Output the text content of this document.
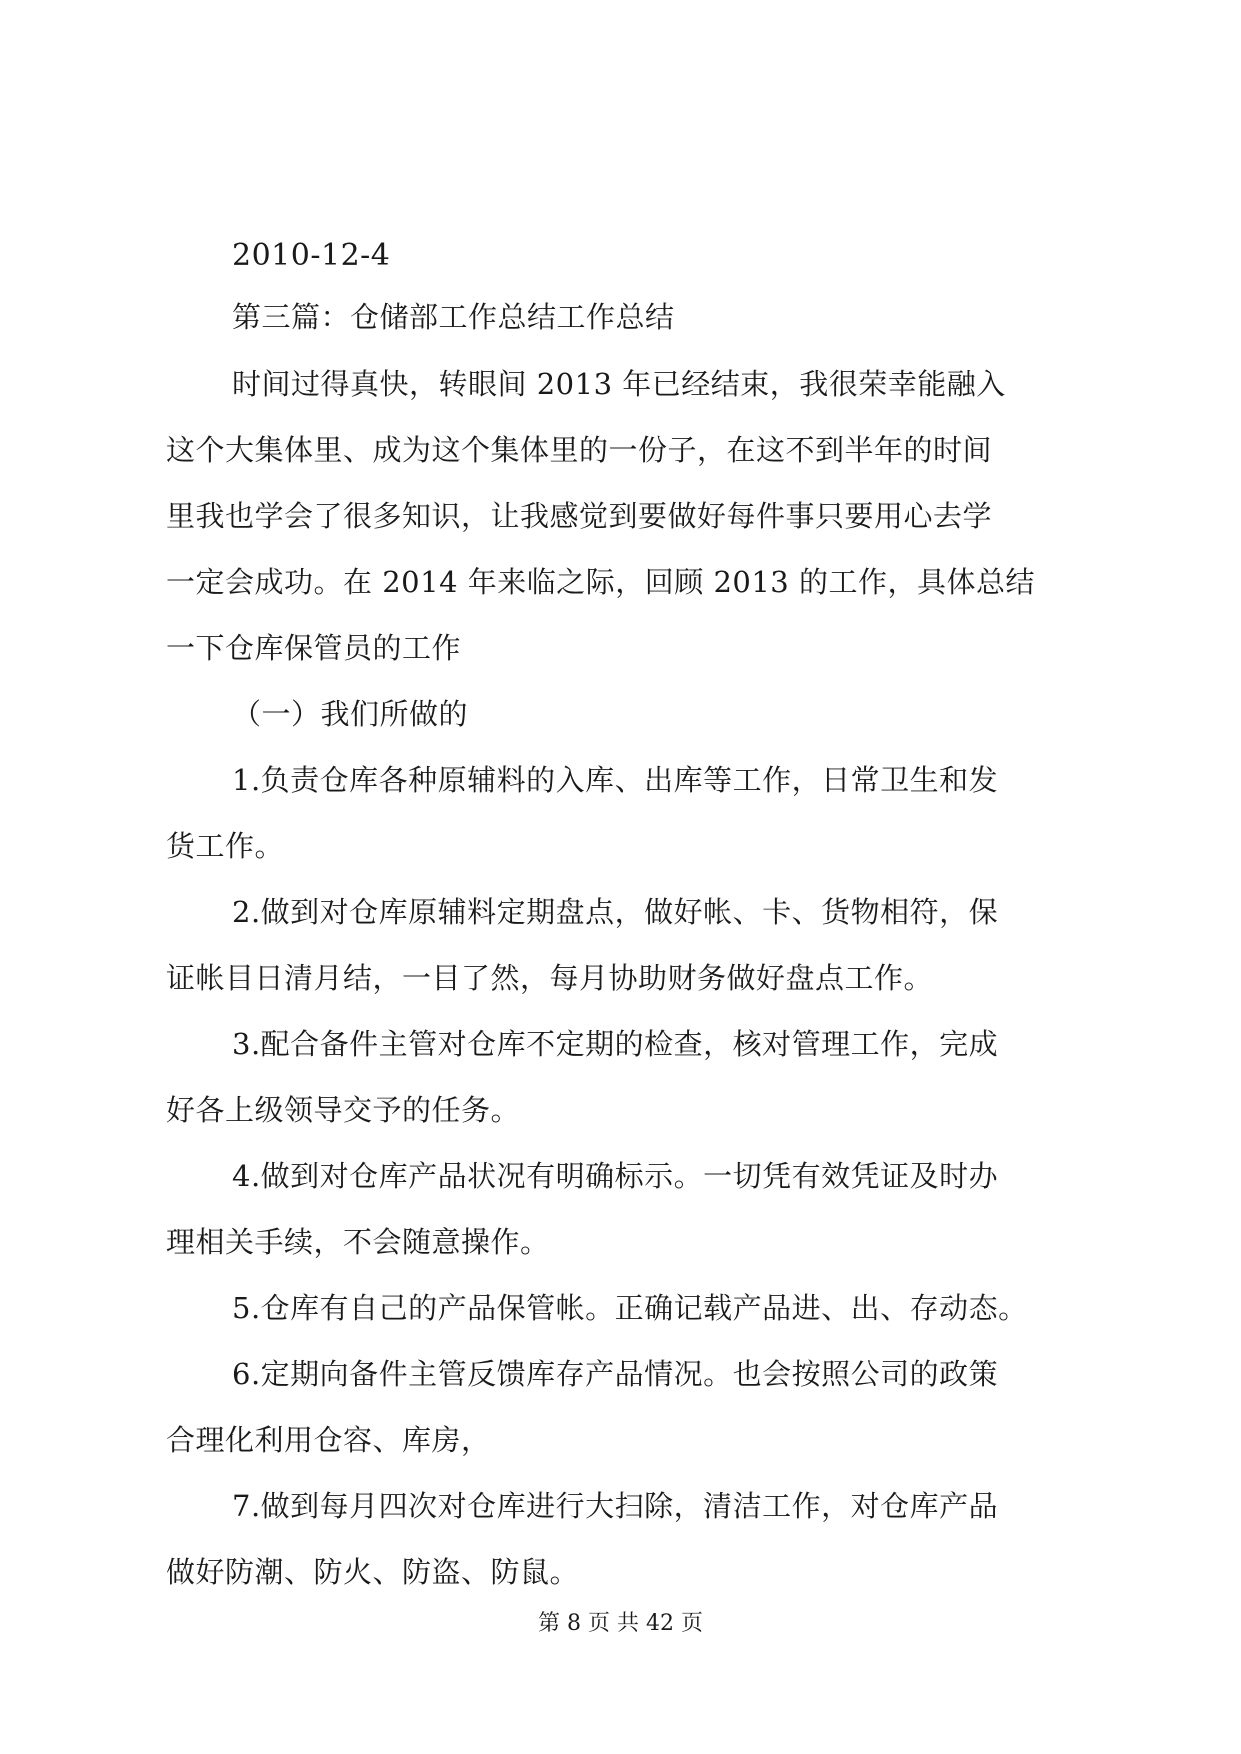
2010-12-4
第三篇：仓储部工作总结工作总结
时间过得真快，转眼间 2013 年已经结束，我很荣幸能融入
这个大集体里、成为这个集体里的一份子，在这不到半年的时间
里我也学会了很多知识，让我感觉到要做好每件事只要用心去学
一定会成功。在 2014 年来临之际，回顾 2013 的工作，具体总结
一下仓库保管员的工作
（一）我们所做的
1.负责仓库各种原辅料的入库、出库等工作，日常卫生和发
货工作。
2.做到对仓库原辅料定期盘点，做好帐、卡、货物相符，保
证帐目日清月结，一目了然，每月协助财务做好盘点工作。
3.配合备件主管对仓库不定期的检查，核对管理工作，完成
好各上级领导交予的任务。
4.做到对仓库产品状况有明确标示。一切凭有效凭证及时办
理相关手续，不会随意操作。
5.仓库有自己的产品保管帐。正确记载产品进、出、存动态。
6.定期向备件主管反馈库存产品情况。也会按照公司的政策
合理化利用仓容、库房，
7.做到每月四次对仓库进行大扫除，清洁工作，对仓库产品
做好防潮、防火、防盗、防鼠。
第 8 页 共 42 页
